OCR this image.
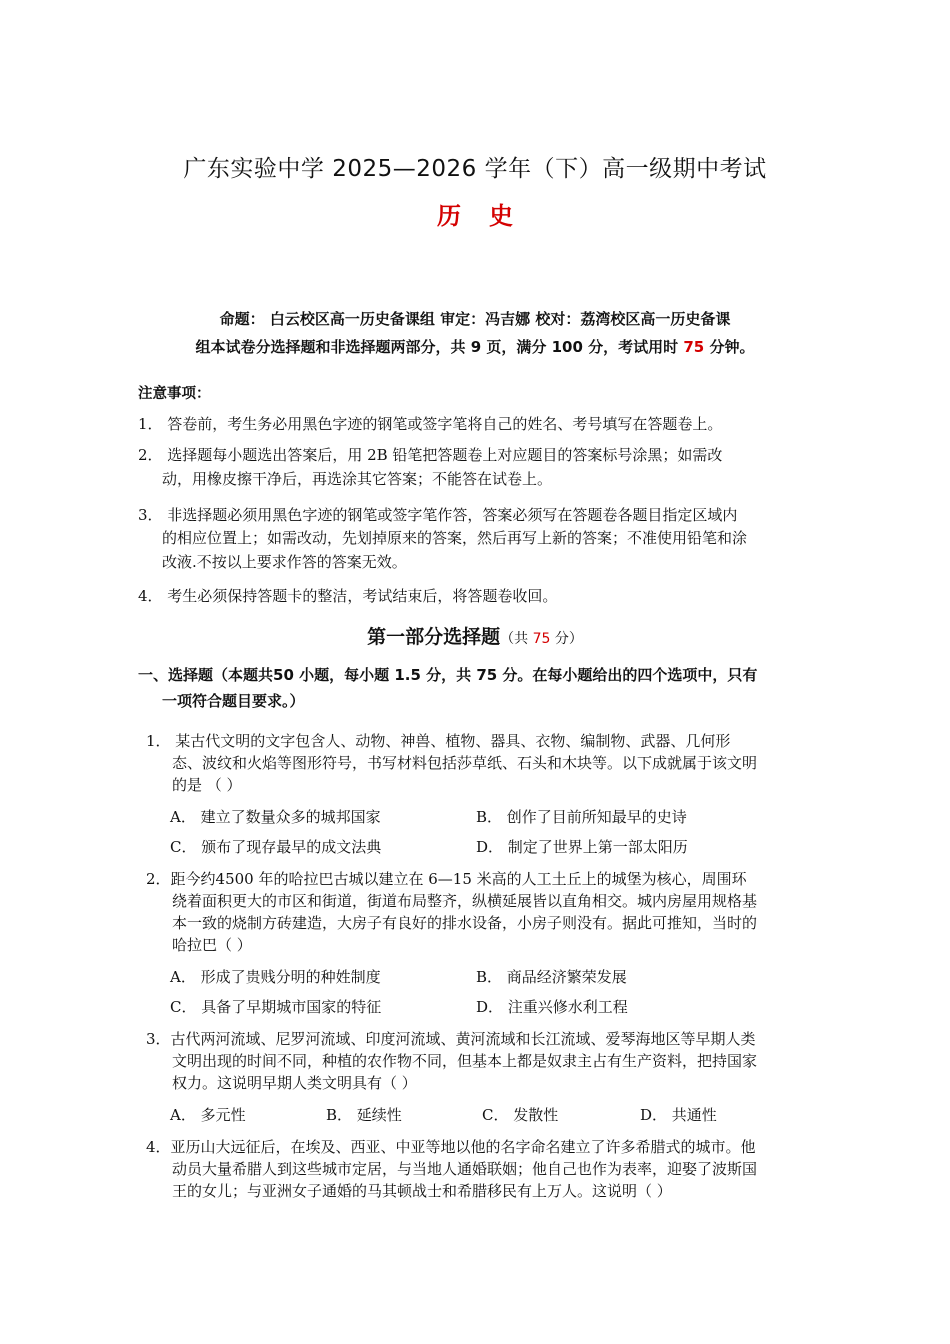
广东实验中学 2025—2026 学年（下）高一级期中考试
历史
命题： 白云校区高一历史备课组 审定：冯吉娜 校对：荔湾校区高一历史备课
组本试卷分选择题和非选择题两部分，共 9 页，满分 100 分，考试用时 75 分钟。
注意事项：
1． 答卷前，考生务必用黑色字迹的钢笔或签字笔将自己的姓名、考号填写在答题卷上。
2． 选择题每小题选出答案后，用 2B 铅笔把答题卷上对应题目的答案标号涂黑；如需改
动，用橡皮擦干净后，再选涂其它答案；不能答在试卷上。
3． 非选择题必须用黑色字迹的钢笔或签字笔作答，答案必须写在答题卷各题目指定区域内
的相应位置上；如需改动，先划掉原来的答案，然后再写上新的答案；不准使用铅笔和涂
改液.不按以上要求作答的答案无效。
4． 考生必须保持答题卡的整洁，考试结束后，将答题卷收回。
第一部分选择题（共 75 分）
一、选择题（本题共50 小题，每小题 1.5 分，共 75 分。在每小题给出的四个选项中，只有
一项符合题目要求。）
1． 某古代文明的文字包含人、动物、神兽、植物、器具、衣物、编制物、武器、几何形
态、波纹和火焰等图形符号，书写材料包括莎草纸、石头和木块等。以下成就属于该文明
的是 （ ）
A． 建立了数量众多的城邦国家	B． 创作了目前所知最早的史诗
C． 颁布了现存最早的成文法典	D． 制定了世界上第一部太阳历
2．距今约4500 年的哈拉巴古城以建立在 6—15 米高的人工土丘上的城堡为核心，周围环
绕着面积更大的市区和街道，街道布局整齐，纵横延展皆以直角相交。城内房屋用规格基
本一致的烧制方砖建造，大房子有良好的排水设备，小房子则没有。据此可推知，当时的
哈拉巴（ ）
A． 形成了贵贱分明的种姓制度	B． 商品经济繁荣发展
C． 具备了早期城市国家的特征	D． 注重兴修水利工程
3．古代两河流域、尼罗河流域、印度河流域、黄河流域和长江流域、爱琴海地区等早期人类
文明出现的时间不同，种植的农作物不同，但基本上都是奴隶主占有生产资料，把持国家
权力。这说明早期人类文明具有（ ）
A． 多元性	B． 延续性	C． 发散性	D． 共通性
4．亚历山大远征后，在埃及、西亚、中亚等地以他的名字命名建立了许多希腊式的城市。他
动员大量希腊人到这些城市定居，与当地人通婚联姻；他自己也作为表率，迎娶了波斯国
王的女儿；与亚洲女子通婚的马其顿战士和希腊移民有上万人。这说明（ ）
